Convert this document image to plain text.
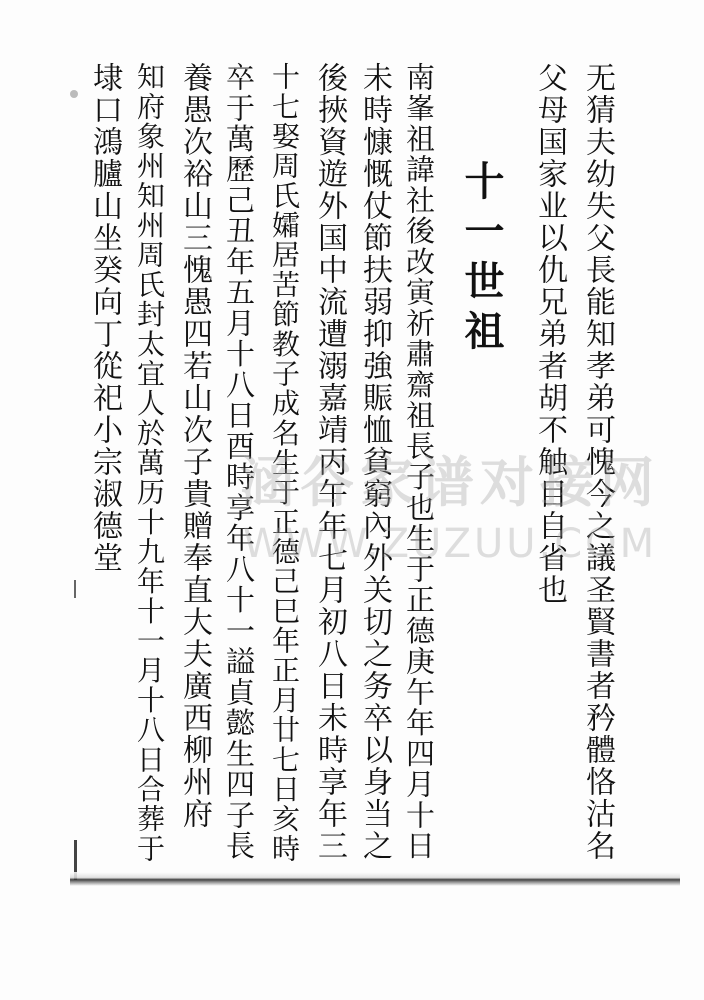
无猜夫幼失父長能知孝弟可愧今之議圣賢書者矜體恪沽名
父母国家业以仇兄弟者胡不触目自省也
十一世祖
南峯祖諱社後改寅祈肅齋祖長子也生于正德庚午年四月十日
未時慷慨仗節扶弱抑強賑恤貧窮內外关切之务卒以身当之
後挾資遊外国中流遭溺嘉靖丙午年七月初八日未時享年三
十七娶周氏孀居苦節教子成名生于正德己巳年正月廿七日亥時
卒于萬歷己丑年五月十八日酉時享年八十一謚貞懿生四子長
養愚次裕山三愧愚四若山次子貴贈奉直大夫廣西柳州府
知府象州知州周氏封太宜人於萬历十九年十一月十八日合葬于
埭口鴻臚山坐癸向丁從祀小宗淑德堂	涵谷家谱对接网
WWW.ZUZUU.COM
